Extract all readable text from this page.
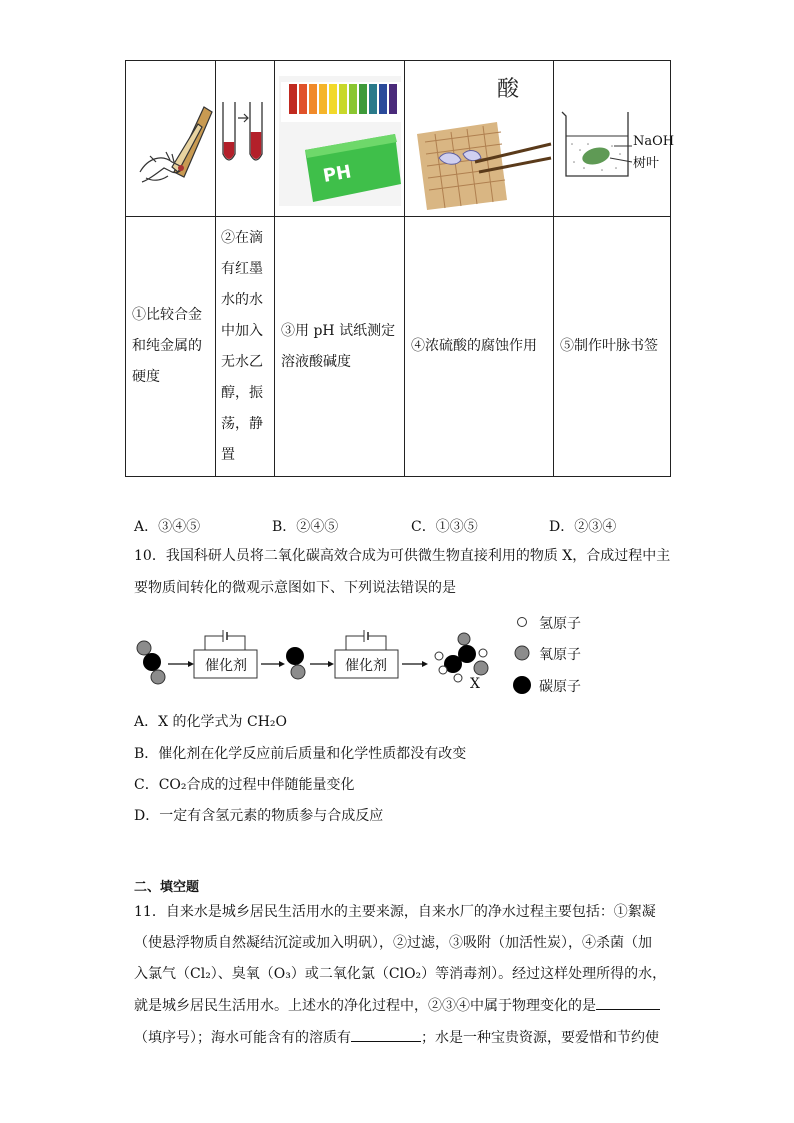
PH	酸	NaOH
树叶

①比较合金和纯金属的硬度	②在滴有红墨水的水中加入无水乙醇，振荡，静置	③用 pH 试纸测定溶液酸碱度	④浓硫酸的腐蚀作用	⑤制作叶脉书签
A．③④⑤	B．②④⑤	C．①③⑤	D．②③④
10．我国科研人员将二氧化碳高效合成为可供微生物直接利用的物质 X，合成过程中主
要物质间转化的微观示意图如下、下列说法错误的是
催化剂	催化剂
X
氢原子
氧原子
碳原子
A．X 的化学式为 CH₂O
B．催化剂在化学反应前后质量和化学性质都没有改变
C．CO₂合成的过程中伴随能量变化
D．一定有含氢元素的物质参与合成反应
二、填空题
11．自来水是城乡居民生活用水的主要来源，自来水厂的净水过程主要包括：①絮凝
（使悬浮物质自然凝结沉淀或加入明矾），②过滤，③吸附（加活性炭），④杀菌（加
入氯气（Cl₂）、臭氧（O₃）或二氧化氯（ClO₂）等消毒剂）。经过这样处理所得的水，
就是城乡居民生活用水。上述水的净化过程中，②③④中属于物理变化的是
（填序号）；海水可能含有的溶质有	；水是一种宝贵资源，要爱惜和节约使
